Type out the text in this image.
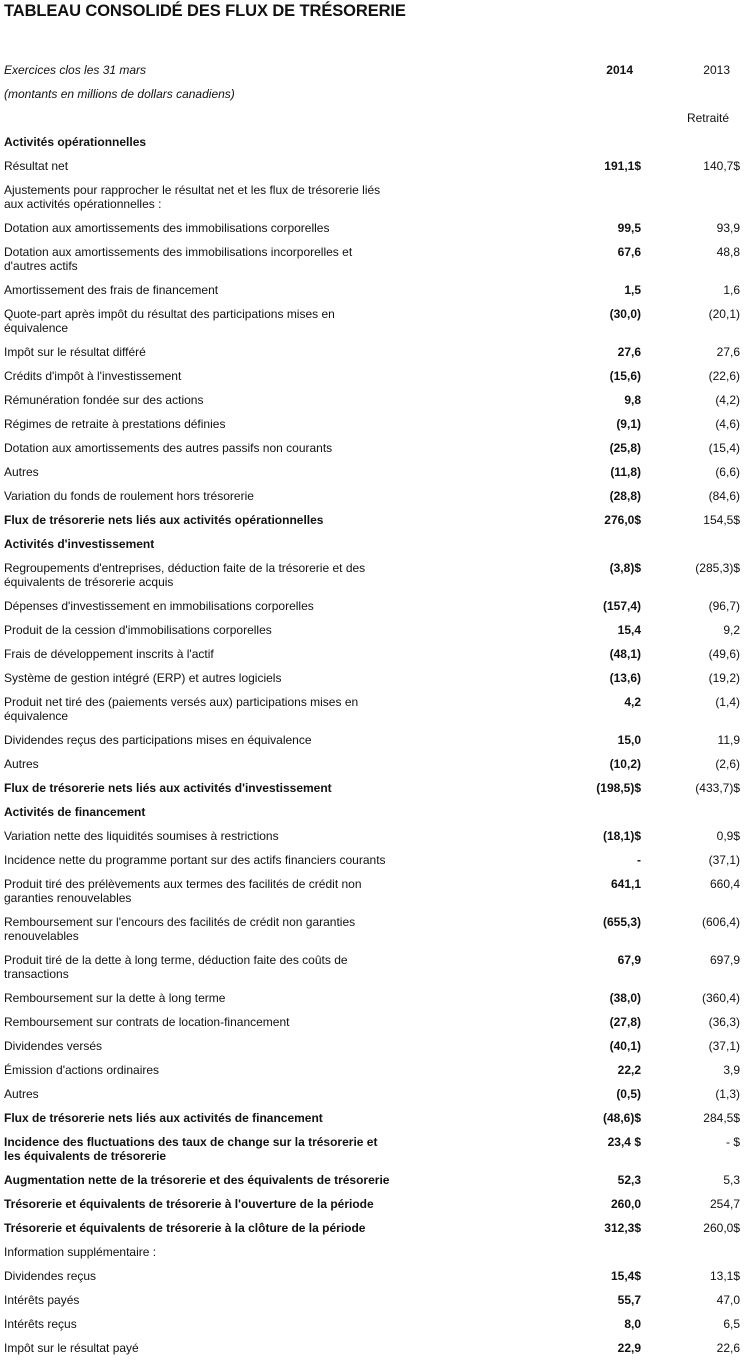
TABLEAU CONSOLIDÉ DES FLUX DE TRÉSORERIE
Exercices clos les 31 mars	2014	2013
(montants en millions de dollars canadiens)
Retraité
Activités opérationnelles
Résultat net	191,1$	140,7$
Ajustements pour rapprocher le résultat net et les flux de trésorerie liés aux activités opérationnelles :
Dotation aux amortissements des immobilisations corporelles	99,5	93,9
Dotation aux amortissements des immobilisations incorporelles et d'autres actifs
67,6	48,8
Amortissement des frais de financement	1,5	1,6
Quote-part après impôt du résultat des participations mises en équivalence
(30,0)	(20,1)
Impôt sur le résultat différé	27,6	27,6
Crédits d'impôt à l'investissement	(15,6)	(22,6)
Rémunération fondée sur des actions	9,8	(4,2)
Régimes de retraite à prestations définies	(9,1)	(4,6)
Dotation aux amortissements des autres passifs non courants	(25,8)	(15,4)
Autres	(11,8)	(6,6)
Variation du fonds de roulement hors trésorerie	(28,8)	(84,6)
Flux de trésorerie nets liés aux activités opérationnelles	276,0$	154,5$
Activités d'investissement
Regroupements d'entreprises, déduction faite de la trésorerie et des équivalents de trésorerie acquis
(3,8)$	(285,3)$
Dépenses d'investissement en immobilisations corporelles	(157,4)	(96,7)
Produit de la cession d'immobilisations corporelles	15,4	9,2
Frais de développement inscrits à l'actif	(48,1)	(49,6)
Système de gestion intégré (ERP) et autres logiciels	(13,6)	(19,2)
Produit net tiré des (paiements versés aux) participations mises en équivalence
4,2	(1,4)
Dividendes reçus des participations mises en équivalence	15,0	11,9
Autres	(10,2)	(2,6)
Flux de trésorerie nets liés aux activités d'investissement	(198,5)$	(433,7)$
Activités de financement
Variation nette des liquidités soumises à restrictions	(18,1)$	0,9$
Incidence nette du programme portant sur des actifs financiers courants	-	(37,1)
Produit tiré des prélèvements aux termes des facilités de crédit non garanties renouvelables
641,1	660,4
Remboursement sur l'encours des facilités de crédit non garanties renouvelables
(655,3)	(606,4)
Produit tiré de la dette à long terme, déduction faite des coûts de transactions
67,9	697,9
Remboursement sur la dette à long terme	(38,0)	(360,4)
Remboursement sur contrats de location-financement	(27,8)	(36,3)
Dividendes versés	(40,1)	(37,1)
Émission d'actions ordinaires	22,2	3,9
Autres	(0,5)	(1,3)
Flux de trésorerie nets liés aux activités de financement	(48,6)$	284,5$
Incidence des fluctuations des taux de change sur la trésorerie et les équivalents de trésorerie
23,4 $	- $
Augmentation nette de la trésorerie et des équivalents de trésorerie	52,3	5,3
Trésorerie et équivalents de trésorerie à l'ouverture de la période	260,0	254,7
Trésorerie et équivalents de trésorerie à la clôture de la période	312,3$	260,0$
Information supplémentaire :
Dividendes reçus	15,4$	13,1$
Intérêts payés	55,7	47,0
Intérêts reçus	8,0	6,5
Impôt sur le résultat payé	22,9	22,6
